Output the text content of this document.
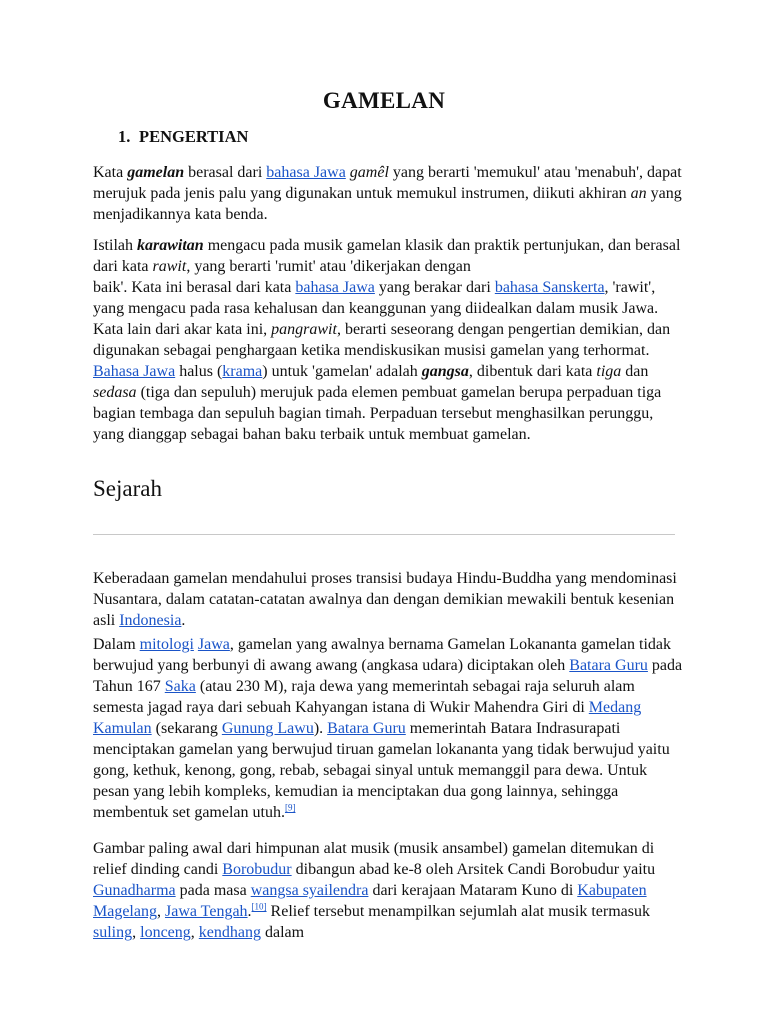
GAMELAN
1. PENGERTIAN

Kata gamelan berasal dari bahasa Jawa gamêl yang berarti 'memukul' atau 'menabuh', dapat merujuk pada jenis palu yang digunakan untuk memukul instrumen, diikuti akhiran an yang menjadikannya kata benda.

Istilah karawitan mengacu pada musik gamelan klasik dan praktik pertunjukan, dan berasal dari kata rawit, yang berarti 'rumit' atau 'dikerjakan dengan
baik'. Kata ini berasal dari kata bahasa Jawa yang berakar dari bahasa Sanskerta, 'rawit', yang mengacu pada rasa kehalusan dan keanggunan yang diidealkan dalam musik Jawa. Kata lain dari akar kata ini, pangrawit, berarti seseorang dengan pengertian demikian, dan digunakan sebagai penghargaan ketika mendiskusikan musisi gamelan yang terhormat. Bahasa Jawa halus (krama) untuk 'gamelan' adalah gangsa, dibentuk dari kata tiga dan sedasa (tiga dan sepuluh) merujuk pada elemen pembuat gamelan berupa perpaduan tiga bagian tembaga dan sepuluh bagian timah. Perpaduan tersebut menghasilkan perunggu, yang dianggap sebagai bahan baku terbaik untuk membuat gamelan.

Sejarah

Keberadaan gamelan mendahului proses transisi budaya Hindu-Buddha yang mendominasi Nusantara, dalam catatan-catatan awalnya dan dengan demikian mewakili bentuk kesenian asli Indonesia.

Dalam mitologi Jawa, gamelan yang awalnya bernama Gamelan Lokananta gamelan tidak berwujud yang berbunyi di awang awang (angkasa udara) diciptakan oleh Batara Guru pada Tahun 167 Saka (atau 230 M), raja dewa yang memerintah sebagai raja seluruh alam semesta jagad raya dari sebuah Kahyangan istana di Wukir Mahendra Giri di Medang
Kamulan (sekarang Gunung Lawu). Batara Guru memerintah Batara Indrasurapati menciptakan gamelan yang berwujud tiruan gamelan lokananta yang tidak berwujud yaitu gong, kethuk, kenong, gong, rebab, sebagai sinyal untuk memanggil para dewa. Untuk pesan yang lebih kompleks, kemudian ia menciptakan dua gong lainnya, sehingga membentuk set gamelan utuh.[9]

Gambar paling awal dari himpunan alat musik (musik ansambel) gamelan ditemukan di relief dinding candi Borobudur dibangun abad ke-8 oleh Arsitek Candi Borobudur yaitu Gunadharma pada masa wangsa syailendra dari kerajaan Mataram Kuno di Kabupaten Magelang, Jawa Tengah.[10] Relief tersebut menampilkan sejumlah alat musik termasuk suling, lonceng, kendhang dalam
